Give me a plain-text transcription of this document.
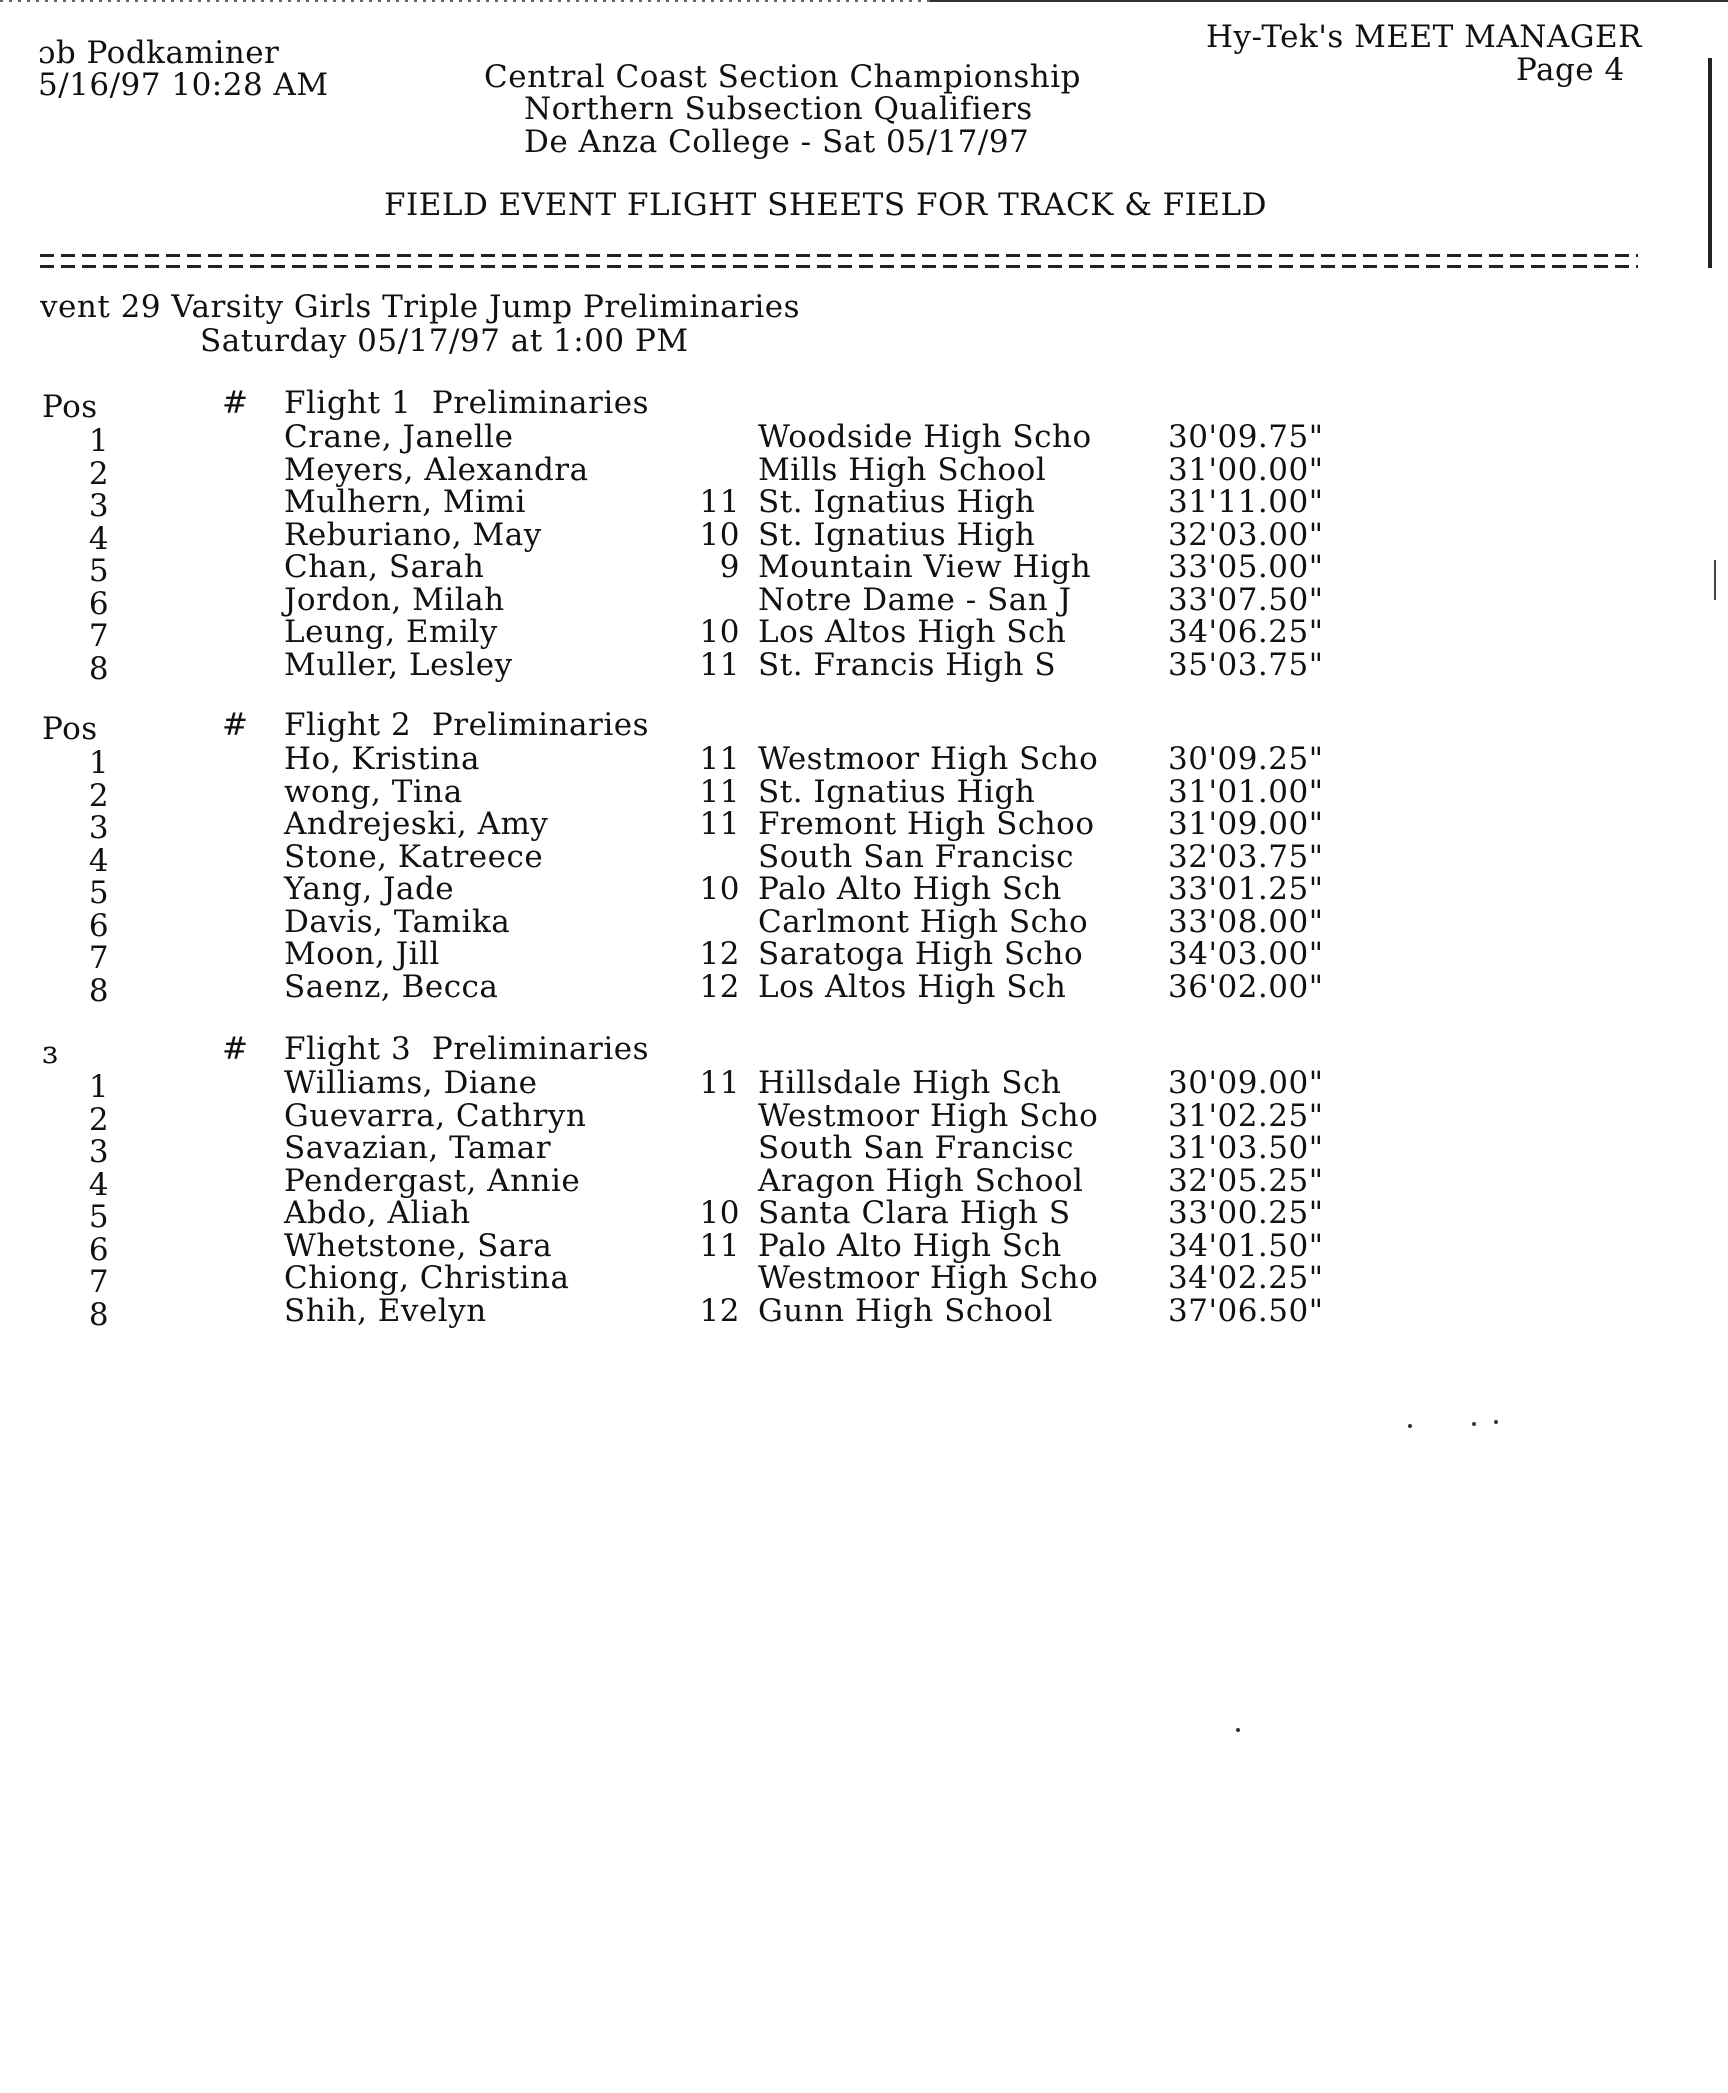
ɔb Podkaminer
5/16/97 10:28 AM
Hy-Tek's MEET MANAGER
Page 4
Central Coast Section Championship
Northern Subsection Qualifiers
De Anza College - Sat 05/17/97
FIELD EVENT FLIGHT SHEETS FOR TRACK & FIELD
vent 29 Varsity Girls Triple Jump Preliminaries
Saturday 05/17/97 at 1:00 PM
Pos	# Flight 1  Preliminaries
1	Crane, Janelle	Woodside High Scho 30'09.75"
2	Meyers, Alexandra	Mills High School	31'00.00"
3	Mulhern, Mimi	11 St. Ignatius High	31'11.00"
4	Reburiano, May	10 St. Ignatius High	32'03.00"
5	Chan, Sarah	9 Mountain View High 33'05.00"
6	Jordon, Milah	Notre Dame - San J	33'07.50"
7	Leung, Emily	10 Los Altos High Sch	34'06.25"
8	Muller, Lesley	11 St. Francis High S	35'03.75"
Pos	# Flight 2  Preliminaries
1	Ho, Kristina	11 Westmoor High Scho 30'09.25"
2	wong, Tina	11 St. Ignatius High	31'01.00"
3	Andrejeski, Amy	11 Fremont High Schoo 31'09.00"
4	Stone, Katreece	South San Francisc	32'03.75"
5	Yang, Jade	10 Palo Alto High Sch	33'01.25"
6	Davis, Tamika	Carlmont High Scho	33'08.00"
7	Moon, Jill	12 Saratoga High Scho	34'03.00"
8	Saenz, Becca	12 Los Altos High Sch	36'02.00"
ɜ	# Flight 3  Preliminaries
1	Williams, Diane	11 Hillsdale High Sch	30'09.00"
2	Guevarra, Cathryn	Westmoor High Scho 31'02.25"
3	Savazian, Tamar	South San Francisc	31'03.50"
4	Pendergast, Annie	Aragon High School	32'05.25"
5	Abdo, Aliah	10 Santa Clara High S	33'00.25"
6	Whetstone, Sara	11 Palo Alto High Sch	34'01.50"
7	Chiong, Christina	Westmoor High Scho 34'02.25"
8	Shih, Evelyn	12 Gunn High School	37'06.50"
